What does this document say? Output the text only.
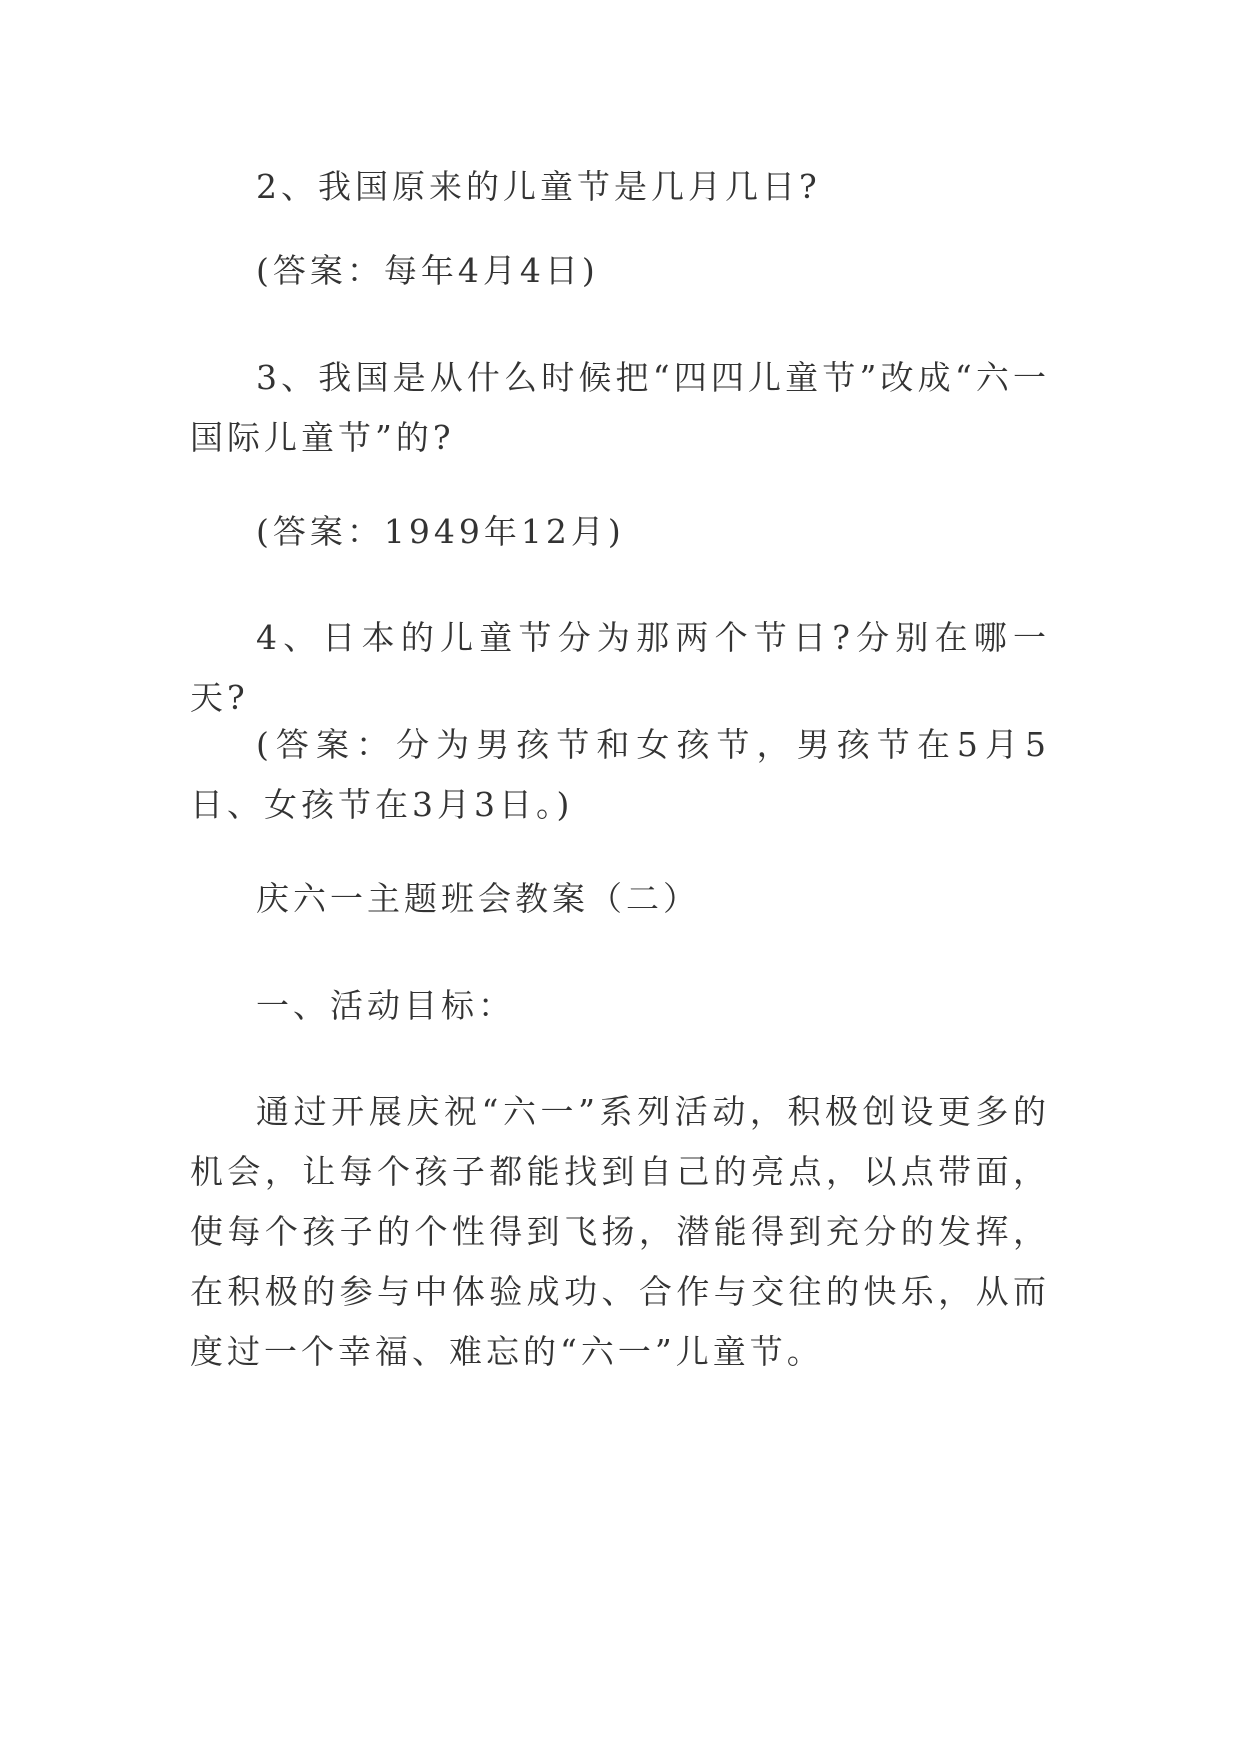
2、我国原来的儿童节是几月几日?

(答案：每年4月4日)

3、我国是从什么时候把“四四儿童节”改成“六一国际儿童节”的?

(答案：1949年12月)

4、日本的儿童节分为那两个节日?分别在哪一天?

(答案：分为男孩节和女孩节，男孩节在5月5日、女孩节在3月3日。)

庆六一主题班会教案（二）

一、活动目标：

通过开展庆祝“六一”系列活动，积极创设更多的机会，让每个孩子都能找到自己的亮点，以点带面，使每个孩子的个性得到飞扬，潜能得到充分的发挥，在积极的参与中体验成功、合作与交往的快乐，从而度过一个幸福、难忘的“六一”儿童节。
